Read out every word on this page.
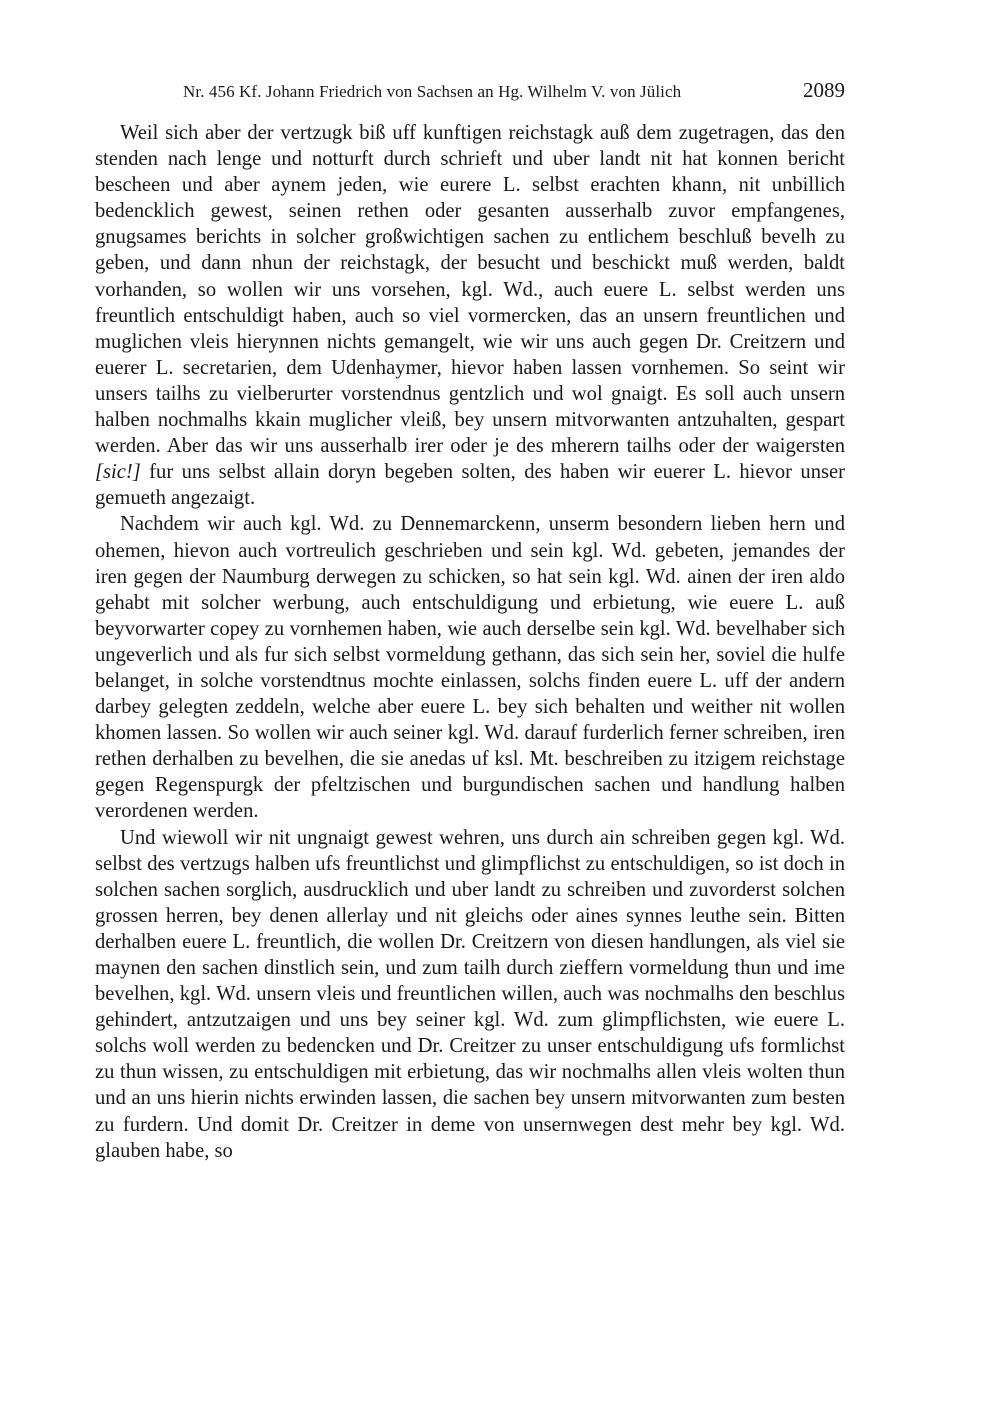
Nr. 456 Kf. Johann Friedrich von Sachsen an Hg. Wilhelm V. von Jülich	2089

Weil sich aber der vertzugk biß uff kunftigen reichstagk auß dem zugetragen, das den stenden nach lenge und notturft durch schrieft und uber landt nit hat konnen bericht bescheen und aber aynem jeden, wie eurere L. selbst erachten khann, nit unbillich bedencklich gewest, seinen rethen oder gesanten ausserhalb zuvor empfangenes, gnugsames berichts in solcher großwichtigen sachen zu entlichem beschluß bevelh zu geben, und dann nhun der reichstagk, der besucht und beschickt muß werden, baldt vorhanden, so wollen wir uns vorsehen, kgl. Wd., auch euere L. selbst werden uns freuntlich entschuldigt haben, auch so viel vormercken, das an unsern freuntlichen und muglichen vleis hierynnen nichts gemangelt, wie wir uns auch gegen Dr. Creitzern und euerer L. secretarien, dem Udenhaymer, hievor haben lassen vornhemen. So seint wir unsers tailhs zu vielberurter vorstendnus gentzlich und wol gnaigt. Es soll auch unsern halben nochmalhs kkain muglicher vleiß, bey unsern mitvorwanten antzuhalten, gespart werden. Aber das wir uns ausserhalb irer oder je des mherern tailhs oder der waigersten [sic!] fur uns selbst allain doryn begeben solten, des haben wir euerer L. hievor unser gemueth angezaigt.

Nachdem wir auch kgl. Wd. zu Dennemarckenn, unserm besondern lieben hern und ohemen, hievon auch vortreulich geschrieben und sein kgl. Wd. gebeten, jemandes der iren gegen der Naumburg derwegen zu schicken, so hat sein kgl. Wd. ainen der iren aldo gehabt mit solcher werbung, auch entschuldigung und erbietung, wie euere L. auß beyvorwarter copey zu vornhemen haben, wie auch derselbe sein kgl. Wd. bevelhaber sich ungeverlich und als fur sich selbst vormeldung gethann, das sich sein her, soviel die hulfe belanget, in solche vorstendtnus mochte einlassen, solchs finden euere L. uff der andern darbey gelegten zeddeln, welche aber euere L. bey sich behalten und weither nit wollen khomen lassen. So wollen wir auch seiner kgl. Wd. darauf furderlich ferner schreiben, iren rethen derhalben zu bevelhen, die sie anedas uf ksl. Mt. beschreiben zu itzigem reichstage gegen Regenspurgk der pfeltzischen und burgundischen sachen und handlung halben verordenen werden.

Und wiewoll wir nit ungnaigt gewest wehren, uns durch ain schreiben gegen kgl. Wd. selbst des vertzugs halben ufs freuntlichst und glimpflichst zu entschuldigen, so ist doch in solchen sachen sorglich, ausdrucklich und uber landt zu schreiben und zuvorderst solchen grossen herren, bey denen allerlay und nit gleichs oder aines synnes leuthe sein. Bitten derhalben euere L. freuntlich, die wollen Dr. Creitzern von diesen handlungen, als viel sie maynen den sachen dinstlich sein, und zum tailh durch zieffern vormeldung thun und ime bevelhen, kgl. Wd. unsern vleis und freuntlichen willen, auch was nochmalhs den beschlus gehindert, antzutzaigen und uns bey seiner kgl. Wd. zum glimpflichsten, wie euere L. solchs woll werden zu bedencken und Dr. Creitzer zu unser entschuldigung ufs formlichst zu thun wissen, zu entschuldigen mit erbietung, das wir nochmalhs allen vleis wolten thun und an uns hierin nichts erwinden lassen, die sachen bey unsern mitvorwanten zum besten zu furdern. Und domit Dr. Creitzer in deme von unsernwegen dest mehr bey kgl. Wd. glauben habe, so
